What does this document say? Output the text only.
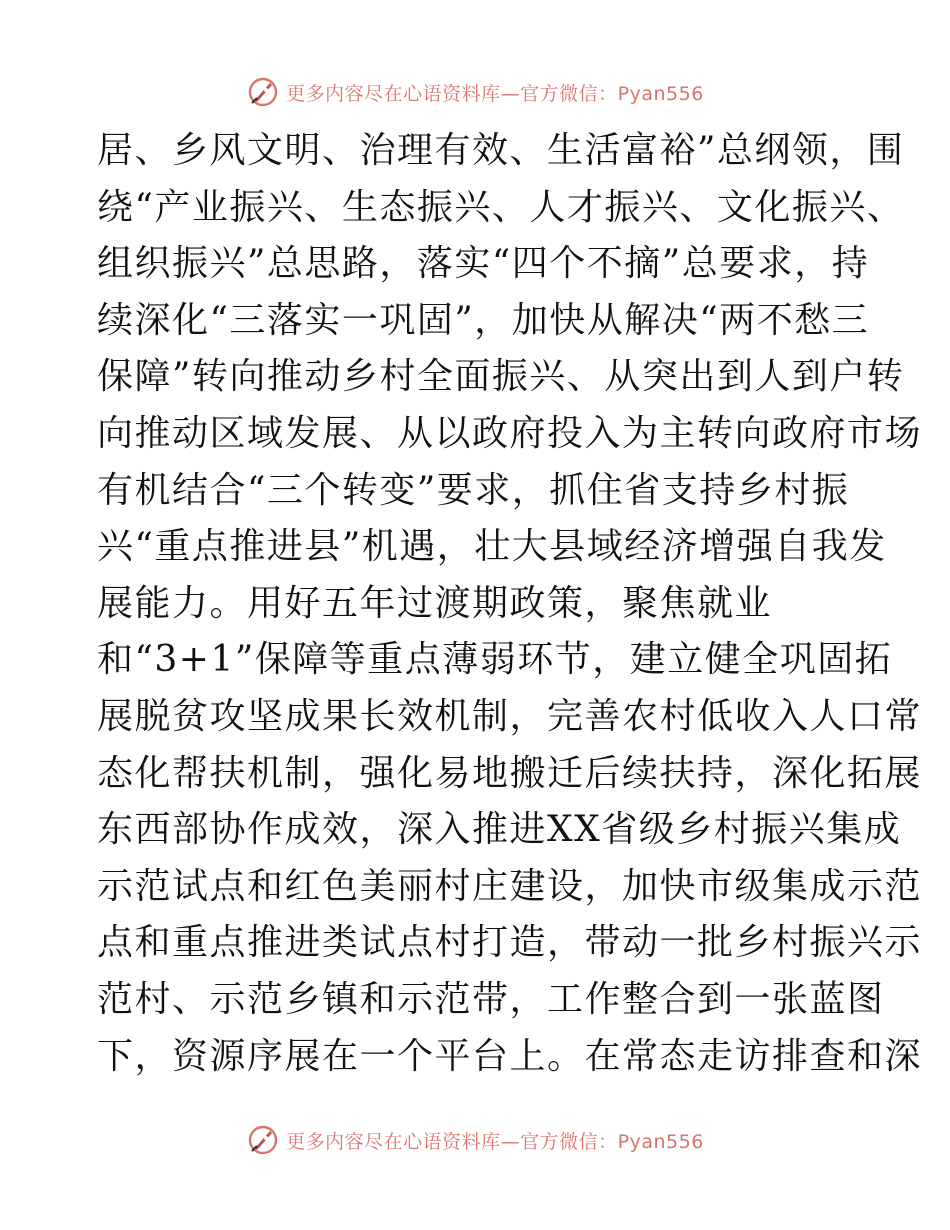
更多内容尽在心语资料库—官方微信：Pyan556
居、乡风文明、治理有效、生活富裕”总纲领，围
绕“产业振兴、生态振兴、人才振兴、文化振兴、
组织振兴”总思路，落实“四个不摘”总要求，持
续深化“三落实一巩固”，加快从解决“两不愁三
保障”转向推动乡村全面振兴、从突出到人到户转
向推动区域发展、从以政府投入为主转向政府市场
有机结合“三个转变”要求，抓住省支持乡村振
兴“重点推进县”机遇，壮大县域经济增强自我发
展能力。用好五年过渡期政策，聚焦就业
和“3+1”保障等重点薄弱环节，建立健全巩固拓
展脱贫攻坚成果长效机制，完善农村低收入人口常
态化帮扶机制，强化易地搬迁后续扶持，深化拓展
东西部协作成效，深入推进XX省级乡村振兴集成
示范试点和红色美丽村庄建设，加快市级集成示范
点和重点推进类试点村打造，带动一批乡村振兴示
范村、示范乡镇和示范带，工作整合到一张蓝图
下，资源序展在一个平台上。在常态走访排查和深
更多内容尽在心语资料库—官方微信：Pyan556
